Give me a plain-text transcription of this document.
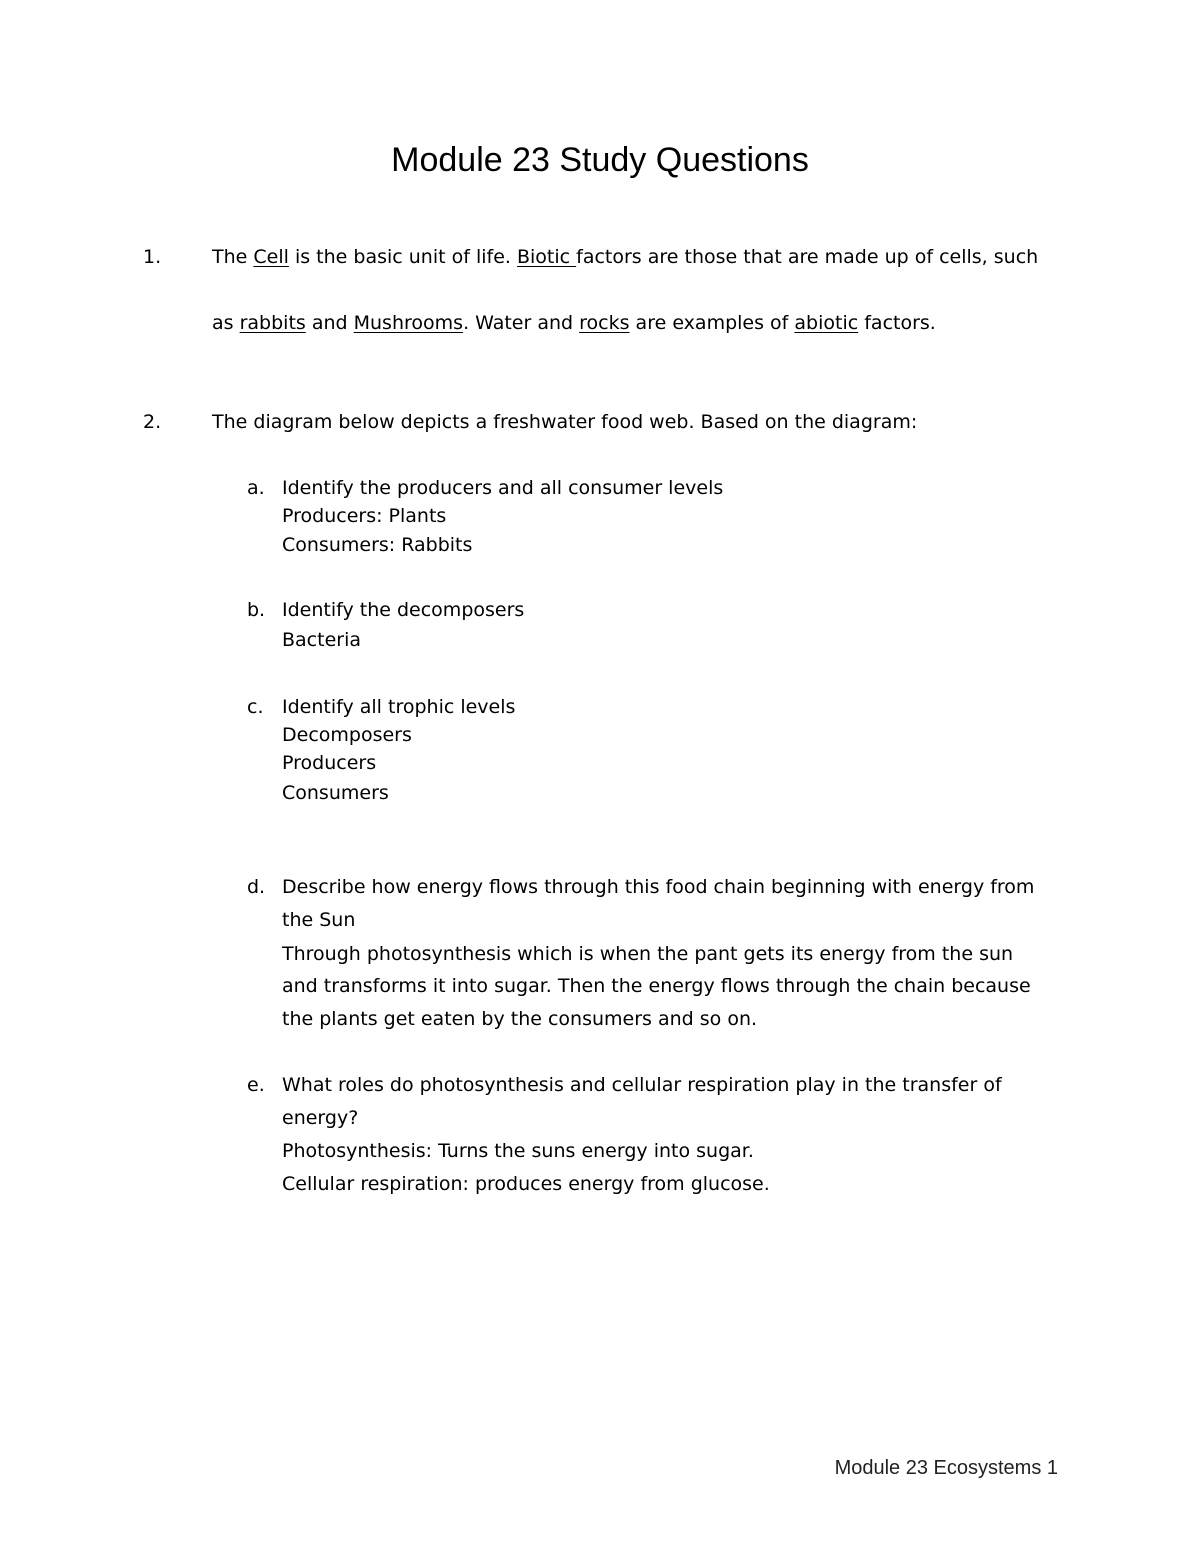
Module 23 Study Questions
1.	The Cell is the basic unit of life. Biotic factors are those that are made up of cells, such
as rabbits and Mushrooms. Water and rocks are examples of abiotic factors.
2.	The diagram below depicts a freshwater food web. Based on the diagram:
a. Identify the producers and all consumer levels
Producers: Plants
Consumers: Rabbits
b. Identify the decomposers
Bacteria
c. Identify all trophic levels
Decomposers
Producers
Consumers
d. Describe how energy flows through this food chain beginning with energy from
the Sun
Through photosynthesis which is when the pant gets its energy from the sun
and transforms it into sugar. Then the energy flows through the chain because
the plants get eaten by the consumers and so on.
e. What roles do photosynthesis and cellular respiration play in the transfer of
energy?
Photosynthesis: Turns the suns energy into sugar.
Cellular respiration: produces energy from glucose.
Module 23 Ecosystems 1
